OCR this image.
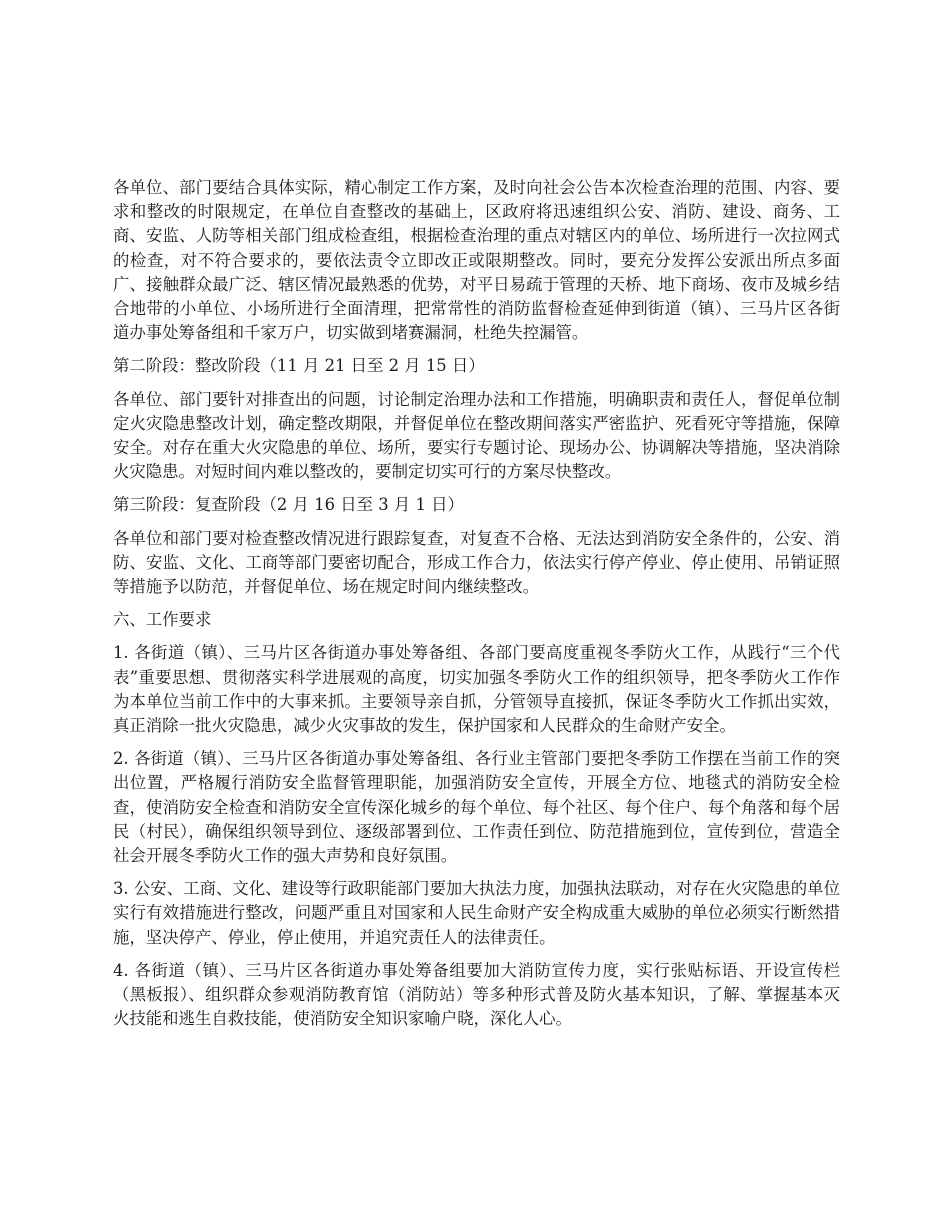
各单位、部门要结合具体实际，精心制定工作方案，及时向社会公告本次检查治理的范围、内容、要求和整改的时限规定，在单位自查整改的基础上，区政府将迅速组织公安、消防、建设、商务、工商、安监、人防等相关部门组成检查组，根据检查治理的重点对辖区内的单位、场所进行一次拉网式的检查，对不符合要求的，要依法责令立即改正或限期整改。同时，要充分发挥公安派出所点多面广、接触群众最广泛、辖区情况最熟悉的优势，对平日易疏于管理的天桥、地下商场、夜市及城乡结合地带的小单位、小场所进行全面清理，把常常性的消防监督检查延伸到街道（镇）、三马片区各街道办事处筹备组和千家万户，切实做到堵赛漏洞，杜绝失控漏管。

第二阶段：整改阶段（11 月 21 日至 2 月 15 日）

各单位、部门要针对排查出的问题，讨论制定治理办法和工作措施，明确职责和责任人，督促单位制定火灾隐患整改计划，确定整改期限，并督促单位在整改期间落实严密监护、死看死守等措施，保障安全。对存在重大火灾隐患的单位、场所，要实行专题讨论、现场办公、协调解决等措施，坚决消除火灾隐患。对短时间内难以整改的，要制定切实可行的方案尽快整改。

第三阶段：复查阶段（2 月 16 日至 3 月 1 日）

各单位和部门要对检查整改情况进行跟踪复查，对复查不合格、无法达到消防安全条件的，公安、消防、安监、文化、工商等部门要密切配合，形成工作合力，依法实行停产停业、停止使用、吊销证照等措施予以防范，并督促单位、场在规定时间内继续整改。

六、工作要求

1. 各街道（镇）、三马片区各街道办事处筹备组、各部门要高度重视冬季防火工作，从践行“三个代表”重要思想、贯彻落实科学进展观的高度，切实加强冬季防火工作的组织领导，把冬季防火工作作为本单位当前工作中的大事来抓。主要领导亲自抓，分管领导直接抓，保证冬季防火工作抓出实效，真正消除一批火灾隐患，减少火灾事故的发生，保护国家和人民群众的生命财产安全。

2. 各街道（镇）、三马片区各街道办事处筹备组、各行业主管部门要把冬季防工作摆在当前工作的突出位置，严格履行消防安全监督管理职能，加强消防安全宣传，开展全方位、地毯式的消防安全检查，使消防安全检查和消防安全宣传深化城乡的每个单位、每个社区、每个住户、每个角落和每个居民（村民），确保组织领导到位、逐级部署到位、工作责任到位、防范措施到位，宣传到位，营造全社会开展冬季防火工作的强大声势和良好氛围。

3. 公安、工商、文化、建设等行政职能部门要加大执法力度，加强执法联动，对存在火灾隐患的单位实行有效措施进行整改，问题严重且对国家和人民生命财产安全构成重大威胁的单位必须实行断然措施，坚决停产、停业，停止使用，并追究责任人的法律责任。

4. 各街道（镇）、三马片区各街道办事处筹备组要加大消防宣传力度，实行张贴标语、开设宣传栏（黑板报）、组织群众参观消防教育馆（消防站）等多种形式普及防火基本知识，了解、掌握基本灭火技能和逃生自救技能，使消防安全知识家喻户晓，深化人心。
